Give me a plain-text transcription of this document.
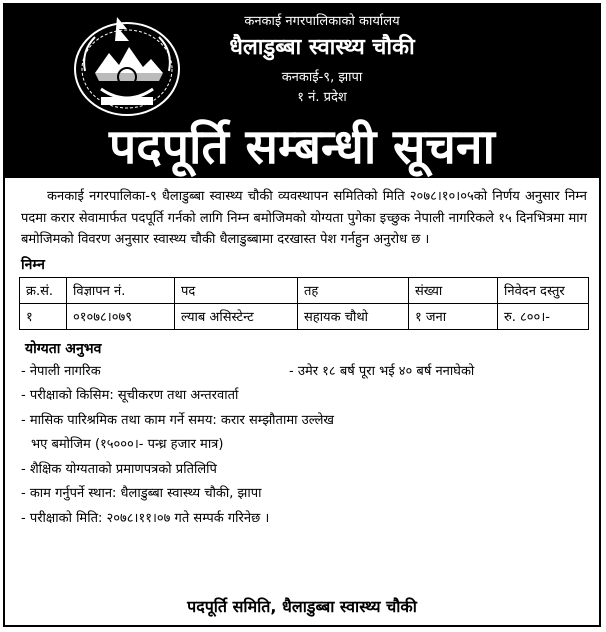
कनकाई नगरपालिकाको कार्यालय
धैलाडुब्बा स्वास्थ्य चौकी
कनकाई-९, झापा
१ नं. प्रदेश
पदपूर्ति सम्बन्धी सूचना

कनकाई नगरपालिका-९ धैलाडुब्बा स्वास्थ्य चौकी व्यवस्थापन समितिको मिति २०७८।१०।०५को निर्णय अनुसार निम्न पदमा करार सेवामार्फत पदपूर्ति गर्नको लागि निम्न बमोजिमको योग्यता पुगेका इच्छुक नेपाली नागरिकले १५ दिनभित्रमा माग बमोजिमको विवरण अनुसार स्वास्थ्य चौकी धैलाडुब्बामा दरखास्त पेश गर्नहुन अनुरोध छ ।

निम्न
क्र.सं.	विज्ञापन नं.	पद	तह	संख्या	निवेदन दस्तुर
१	०१०७८।०७९	ल्याब असिस्टेन्ट	सहायक चौथो	१ जना	रु. ८००।-
योग्यता अनुभव
- नेपाली नागरिक	- उमेर १८ बर्ष पूरा भई ४० बर्ष ननाघेको
- परीक्षाको किसिम: सूचीकरण तथा अन्तरवार्ता
- मासिक पारिश्रमिक तथा काम गर्ने समय: करार सम्झौतामा उल्लेख
भए बमोजिम (१५०००।- पन्ध्र हजार मात्र)
- शैक्षिक योग्यताको प्रमाणपत्रको प्रतिलिपि
- काम गर्नुपर्ने स्थान: धैलाडुब्बा स्वास्थ्य चौकी, झापा
- परीक्षाको मिति: २०७८।११।०७ गते सम्पर्क गरिनेछ ।
पदपूर्ति समिति, धैलाडुब्बा स्वास्थ्य चौकी
